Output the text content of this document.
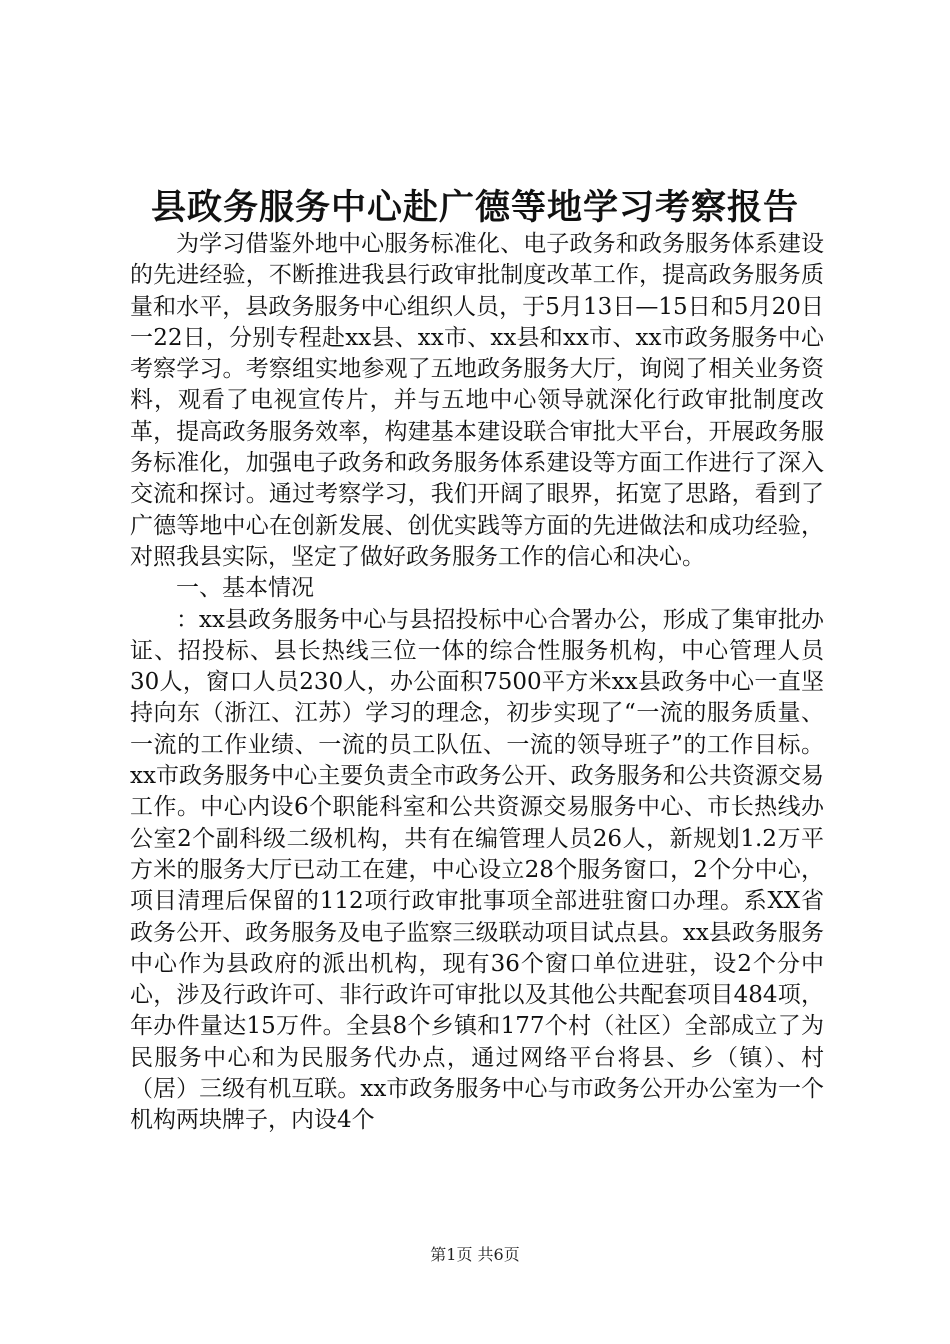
县政务服务中心赴广德等地学习考察报告

为学习借鉴外地中心服务标准化、电子政务和政务服务体系建设的先进经验，不断推进我县行政审批制度改革工作，提高政务服务质量和水平，县政务服务中心组织人员，于5月13日—15日和5月20日一22日，分别专程赴xx县、xx市、xx县和xx市、xx市政务服务中心考察学习。考察组实地参观了五地政务服务大厅，询阅了相关业务资料，观看了电视宣传片，并与五地中心领导就深化行政审批制度改革，提高政务服务效率，构建基本建设联合审批大平台，开展政务服务标准化，加强电子政务和政务服务体系建设等方面工作进行了深入交流和探讨。通过考察学习，我们开阔了眼界，拓宽了思路，看到了广德等地中心在创新发展、创优实践等方面的先进做法和成功经验，对照我县实际，坚定了做好政务服务工作的信心和决心。

一、基本情况

：xx县政务服务中心与县招投标中心合署办公，形成了集审批办证、招投标、县长热线三位一体的综合性服务机构，中心管理人员30人，窗口人员230人，办公面积7500平方米xx县政务中心一直坚持向东（浙江、江苏）学习的理念，初步实现了“一流的服务质量、一流的工作业绩、一流的员工队伍、一流的领导班子”的工作目标。xx市政务服务中心主要负责全市政务公开、政务服务和公共资源交易工作。中心内设6个职能科室和公共资源交易服务中心、市长热线办公室2个副科级二级机构，共有在编管理人员26人，新规划1.2万平方米的服务大厅已动工在建，中心设立28个服务窗口，2个分中心，项目清理后保留的112项行政审批事项全部进驻窗口办理。系XX省政务公开、政务服务及电子监察三级联动项目试点县。xx县政务服务中心作为县政府的派出机构，现有36个窗口单位进驻，设2个分中心，涉及行政许可、非行政许可审批以及其他公共配套项目484项，年办件量达15万件。全县8个乡镇和177个村（社区）全部成立了为民服务中心和为民服务代办点，通过网络平台将县、乡（镇）、村（居）三级有机互联。xx市政务服务中心与市政务公开办公室为一个机构两块牌子，内设4个

第1页 共6页
